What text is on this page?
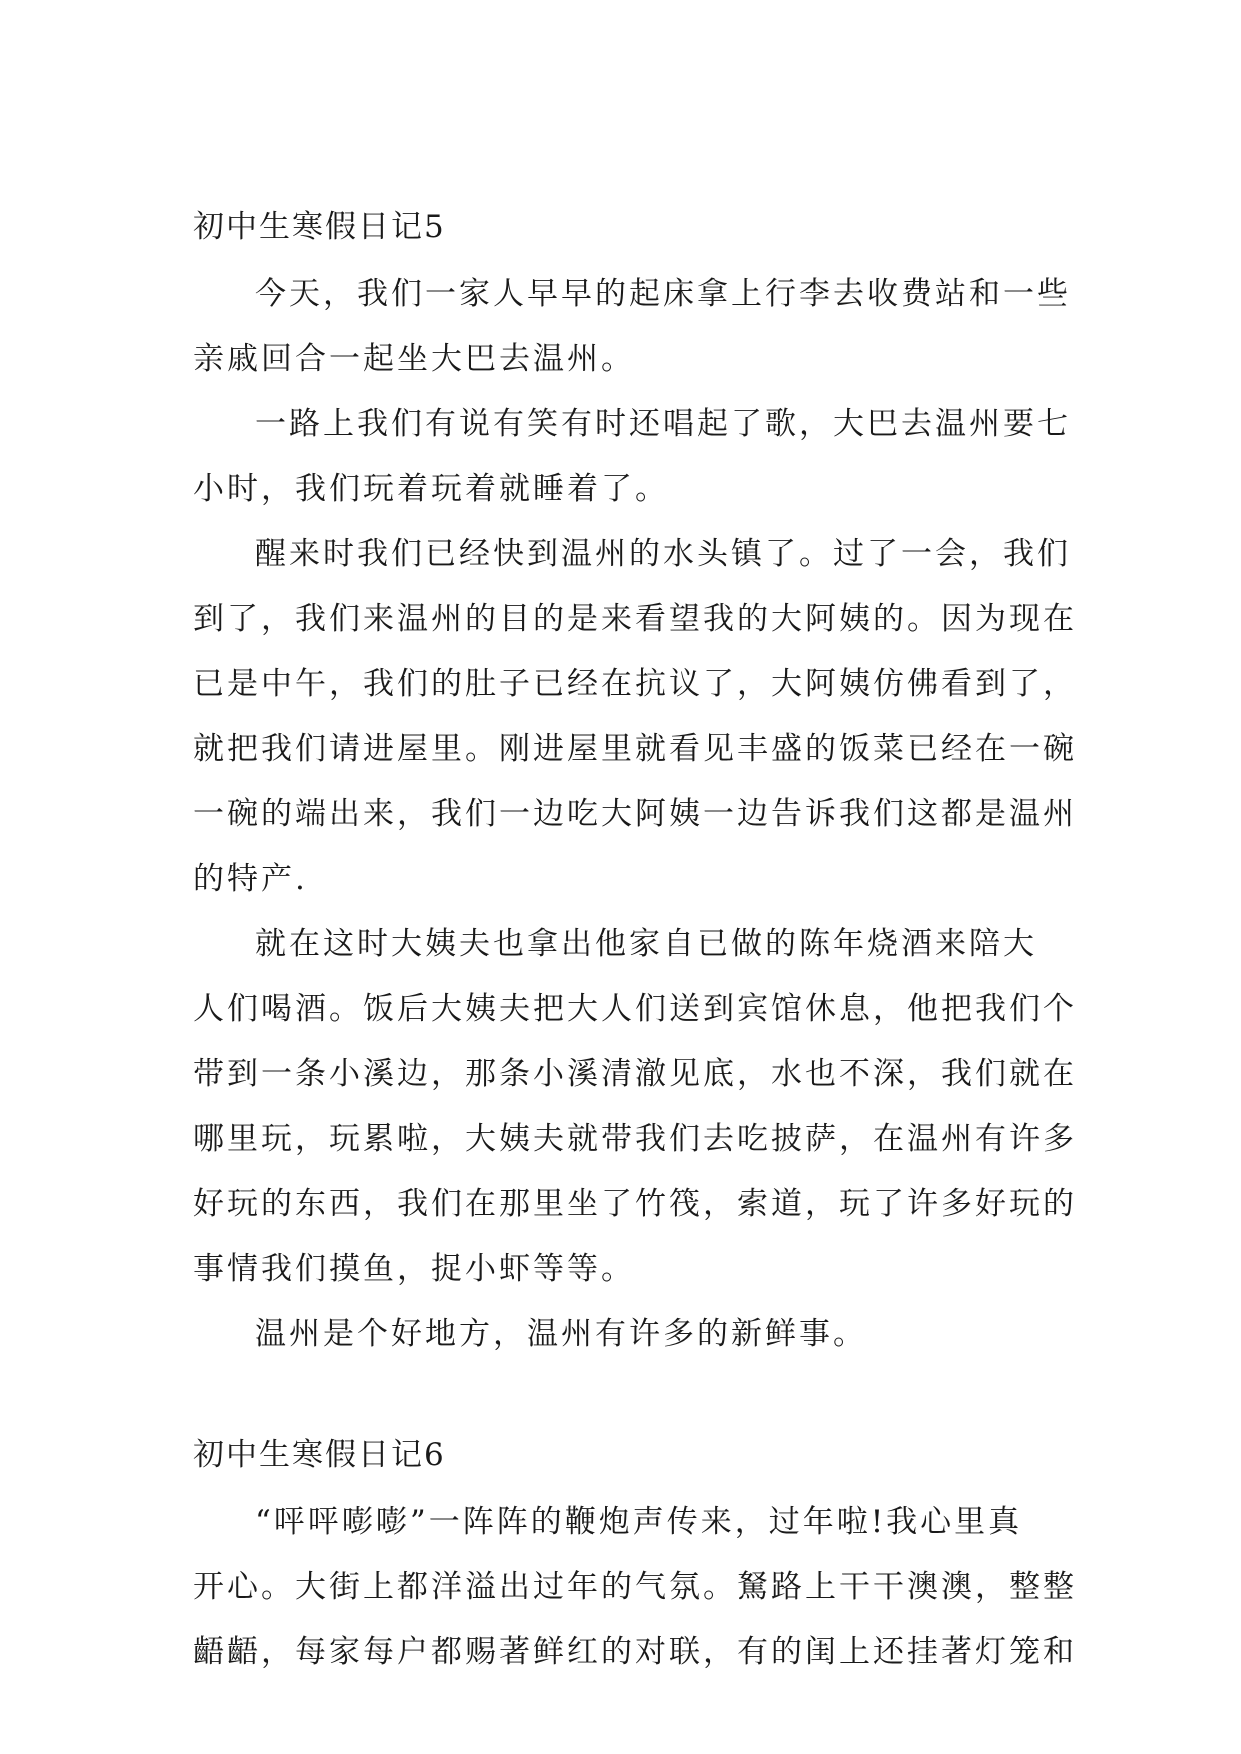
初中生寒假日记5
今天，我们一家人早早的起床拿上行李去收费站和一些
亲戚回合一起坐大巴去温州。
一路上我们有说有笑有时还唱起了歌，大巴去温州要七
小时，我们玩着玩着就睡着了。
醒来时我们已经快到温州的水头镇了。过了一会，我们
到了，我们来温州的目的是来看望我的大阿姨的。因为现在
已是中午，我们的肚子已经在抗议了，大阿姨仿佛看到了，
就把我们请进屋里。刚进屋里就看见丰盛的饭菜已经在一碗
一碗的端出来，我们一边吃大阿姨一边告诉我们这都是温州
的特产.
就在这时大姨夫也拿出他家自已做的陈年烧酒来陪大
人们喝酒。饭后大姨夫把大人们送到宾馆休息，他把我们个
带到一条小溪边，那条小溪清澈见底，水也不深，我们就在
哪里玩，玩累啦，大姨夫就带我们去吃披萨，在温州有许多
好玩的东西，我们在那里坐了竹筏，索道，玩了许多好玩的
事情我们摸鱼，捉小虾等等。
温州是个好地方，温州有许多的新鲜事。
初中生寒假日记6
“呯呯嘭嘭”一阵阵的鞭炮声传来，过年啦!我心里真
开心。大街上都洋溢出过年的气氛。駑路上干干澳澳，整整
齬齬，每家每户都赐著鲜红的对联，有的闺上还挂著灯笼和
